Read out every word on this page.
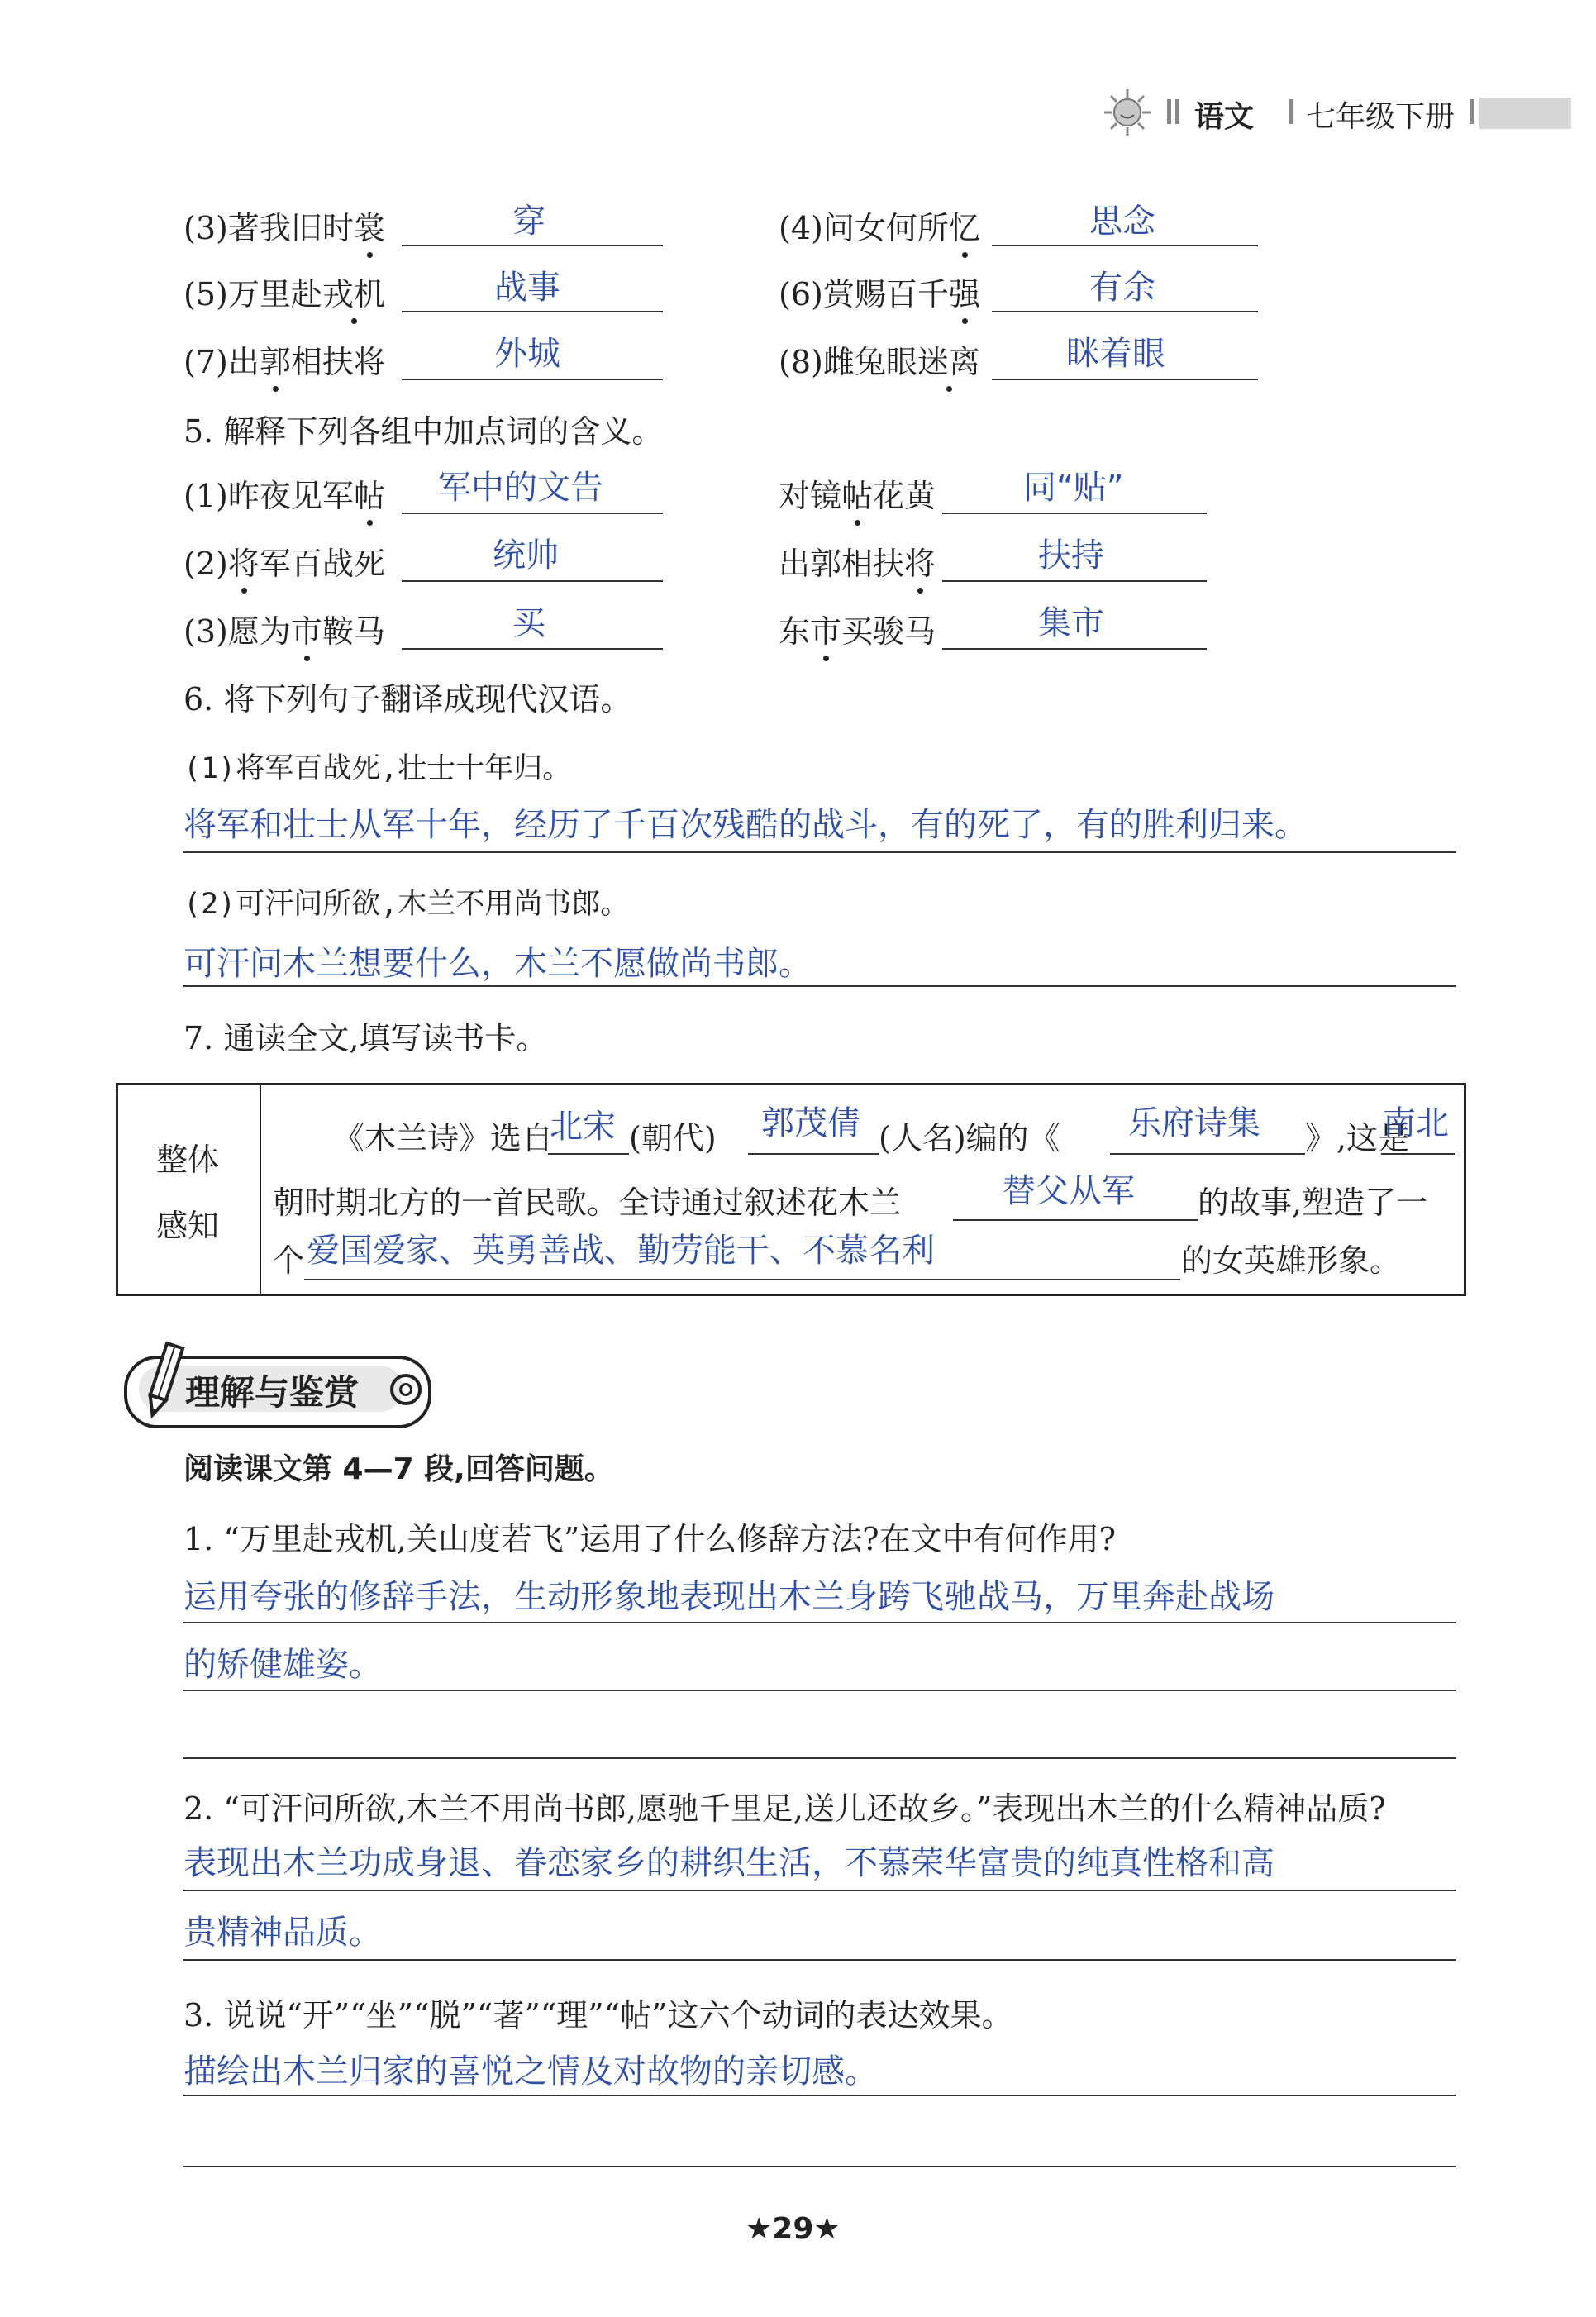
语文 七年级下册
(3)著我旧时裳	穿	(4)问女何所忆	思念
(5)万里赴戎机	战事	(6)赏赐百千强	有余
(7)出郭相扶将	外城	(8)雌兔眼迷离	眯着眼
5. 解释下列各组中加点词的含义。
(1)昨夜见军帖 军中的文告	对镜帖花黄	同“贴”
(2)将军百战死	统帅	出郭相扶将	扶持
(3)愿为市鞍马	买	东市买骏马	集市
6. 将下列句子翻译成现代汉语。
(1)将军百战死,壮士十年归。
将军和壮士从军十年，经历了千百次残酷的战斗，有的死了，有的胜利归来。
(2)可汗问所欲,木兰不用尚书郎。
可汗问木兰想要什么，木兰不愿做尚书郎。
7. 通读全文,填写读书卡。
整体
感知
《木兰诗》选自
北宋 (朝代) 郭茂倩 (人名)编的《 乐府诗集 》,这是
南北
朝时期北方的一首民歌。全诗通过叙述花木兰	替父从军 的故事,塑造了一
个 爱国爱家、英勇善战、勤劳能干、不慕名利	的女英雄形象。
理解与鉴赏
阅读课文第 4—7 段,回答问题。
1. “万里赴戎机,关山度若飞”运用了什么修辞方法?在文中有何作用?
运用夸张的修辞手法，生动形象地表现出木兰身跨飞驰战马，万里奔赴战场
的矫健雄姿。
2. “可汗问所欲,木兰不用尚书郎,愿驰千里足,送儿还故乡。”表现出木兰的什么精神品质?
表现出木兰功成身退、眷恋家乡的耕织生活，不慕荣华富贵的纯真性格和高
贵精神品质。
3. 说说“开”“坐”“脱”“著”“理”“帖”这六个动词的表达效果。
描绘出木兰归家的喜悦之情及对故物的亲切感。
★29★
